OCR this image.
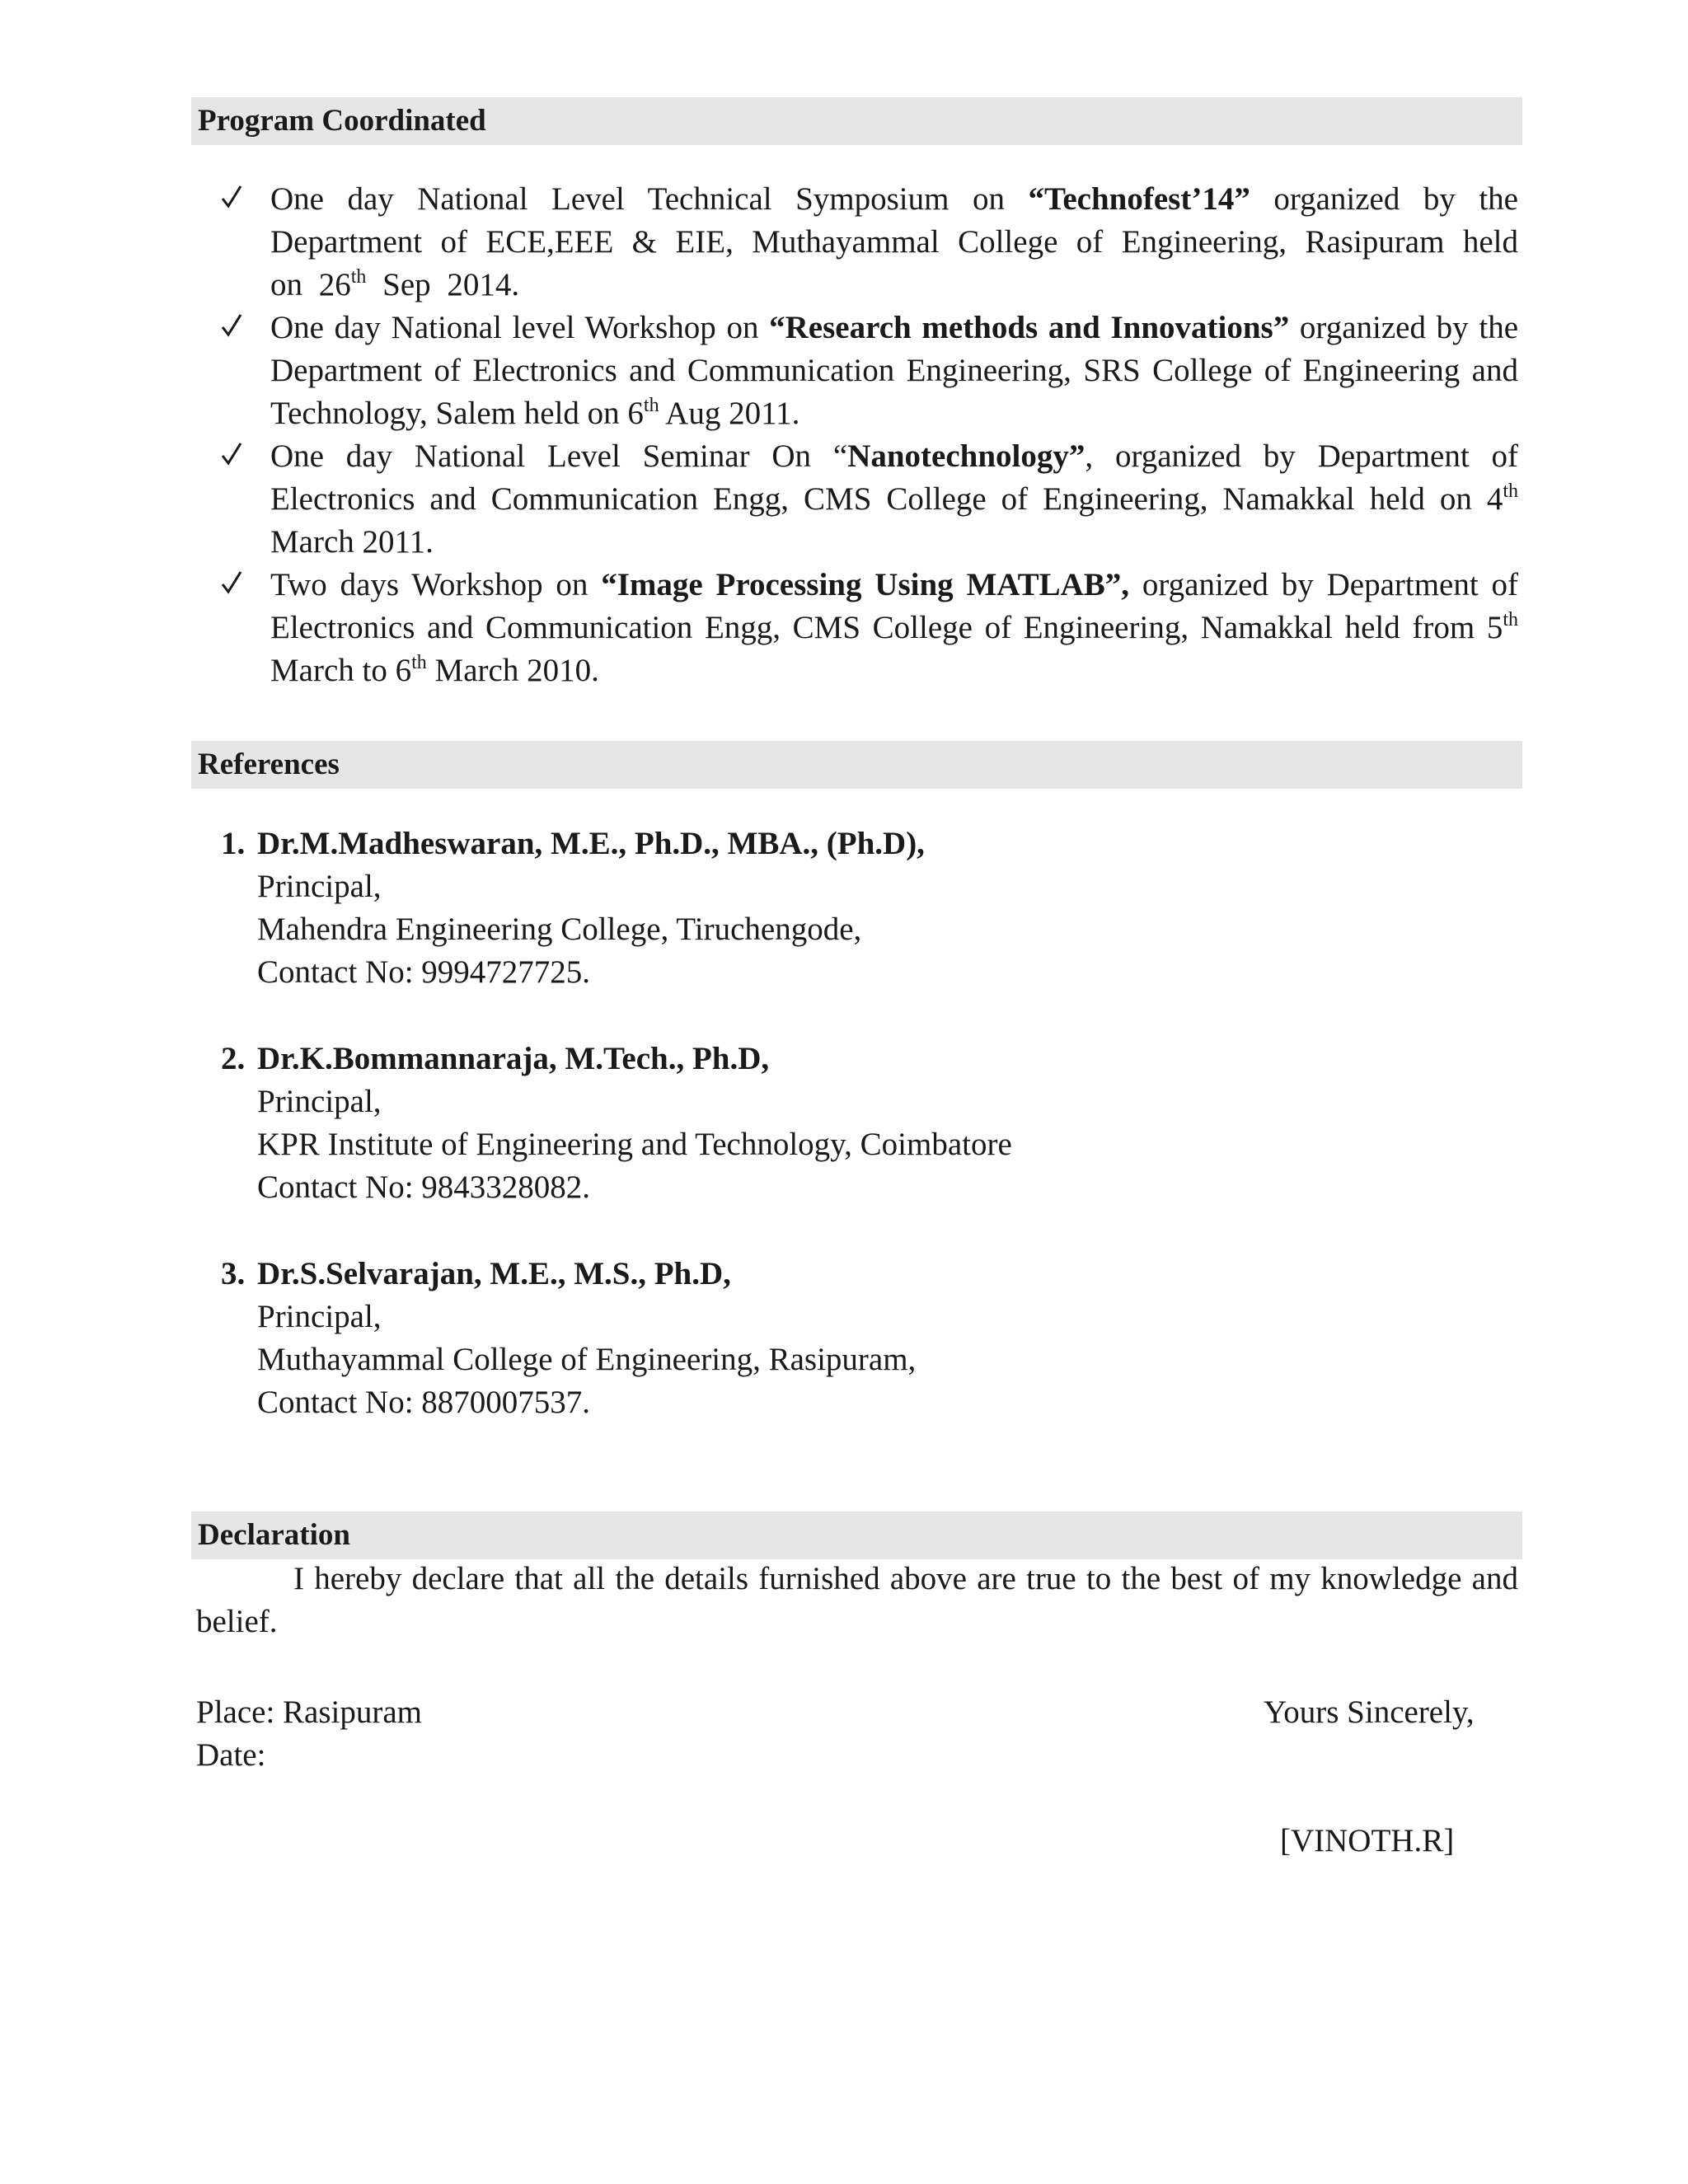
Program Coordinated
One day National Level Technical Symposium on “Technofest’14” organized by the Department of ECE,EEE & EIE, Muthayammal College of Engineering, Rasipuram held on 26th Sep 2014.
One day National level Workshop on “Research methods and Innovations” organized by the Department of Electronics and Communication Engineering, SRS College of Engineering and Technology, Salem held on 6th Aug 2011.
One day National Level Seminar On “Nanotechnology”, organized by Department of Electronics and Communication Engg, CMS College of Engineering, Namakkal held on 4th March 2011.
Two days Workshop on “Image Processing Using MATLAB”, organized by Department of Electronics and Communication Engg, CMS College of Engineering, Namakkal held from 5th March to 6th March 2010.
References
1. Dr.M.Madheswaran, M.E., Ph.D., MBA., (Ph.D),
Principal,
Mahendra Engineering College, Tiruchengode,
Contact No: 9994727725.
2. Dr.K.Bommannaraja, M.Tech., Ph.D,
Principal,
KPR Institute of Engineering and Technology, Coimbatore
Contact No: 9843328082.
3. Dr.S.Selvarajan, M.E., M.S., Ph.D,
Principal,
Muthayammal College of Engineering, Rasipuram,
Contact No: 8870007537.
Declaration
I hereby declare that all the details furnished above are true to the best of my knowledge and belief.
Place: Rasipuram
Date:
Yours Sincerely,
[VINOTH.R]
